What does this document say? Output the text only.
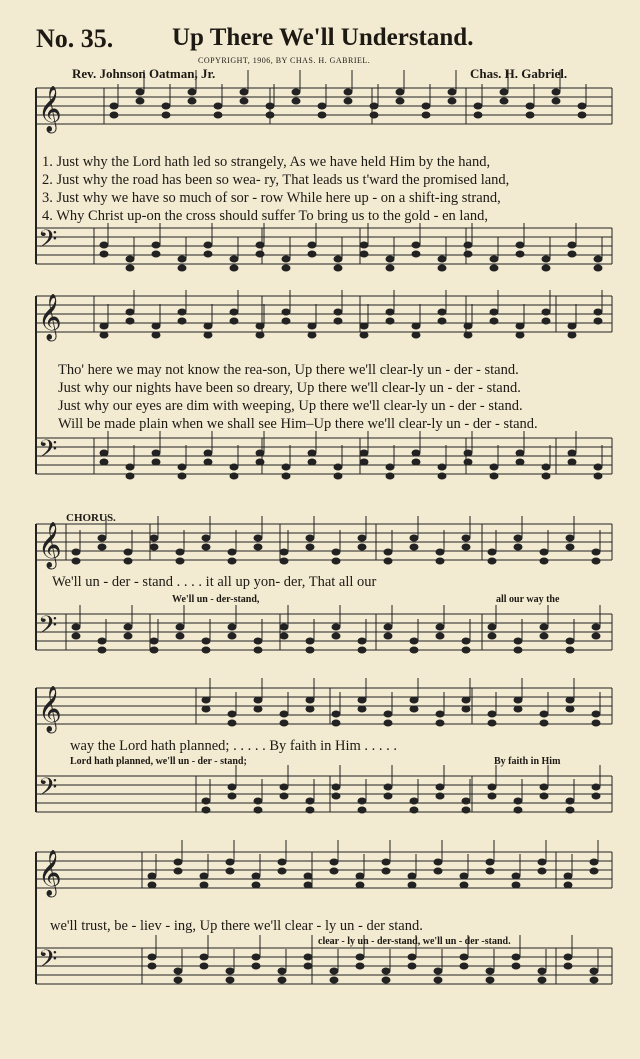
No. 35. Up There We'll Understand.
COPYRIGHT, 1906, BY CHAS. H. GABRIEL.
Rev. Johnson Oatman, Jr.	Chas. H. Gabriel.
𝄞
𝄢
𝄞
𝄢
𝄞
𝄢
𝄞
𝄢
𝄞
𝄢
1. Just why the Lord hath led so strangely, As we have held Him by the hand,
2. Just why the road has been so wea- ry, That leads us t'ward the promised land,
3. Just why we have so much of sor - row While here up - on a shift-ing strand,
4. Why Christ up-on the cross should suffer To bring us to the gold - en land,
Tho' here we may not know the rea-son, Up there we'll clear-ly un - der - stand.
Just why our nights have been so dreary, Up there we'll clear-ly un - der - stand.
Just why our eyes are dim with weeping, Up there we'll clear-ly un - der - stand.
Will be made plain when we shall see Him–Up there we'll clear-ly un - der - stand.
CHORUS.
We'll un - der - stand . . . . it all up yon- der, That all our
We'll un - der-stand,	all our way the
way the Lord hath planned; . . . . . By faith in Him . . . . .
Lord hath planned, we'll un - der - stand;	By faith in Him
we'll trust, be - liev - ing, Up there we'll clear - ly un - der stand.
clear - ly un - der-stand, we'll un - der -stand.
